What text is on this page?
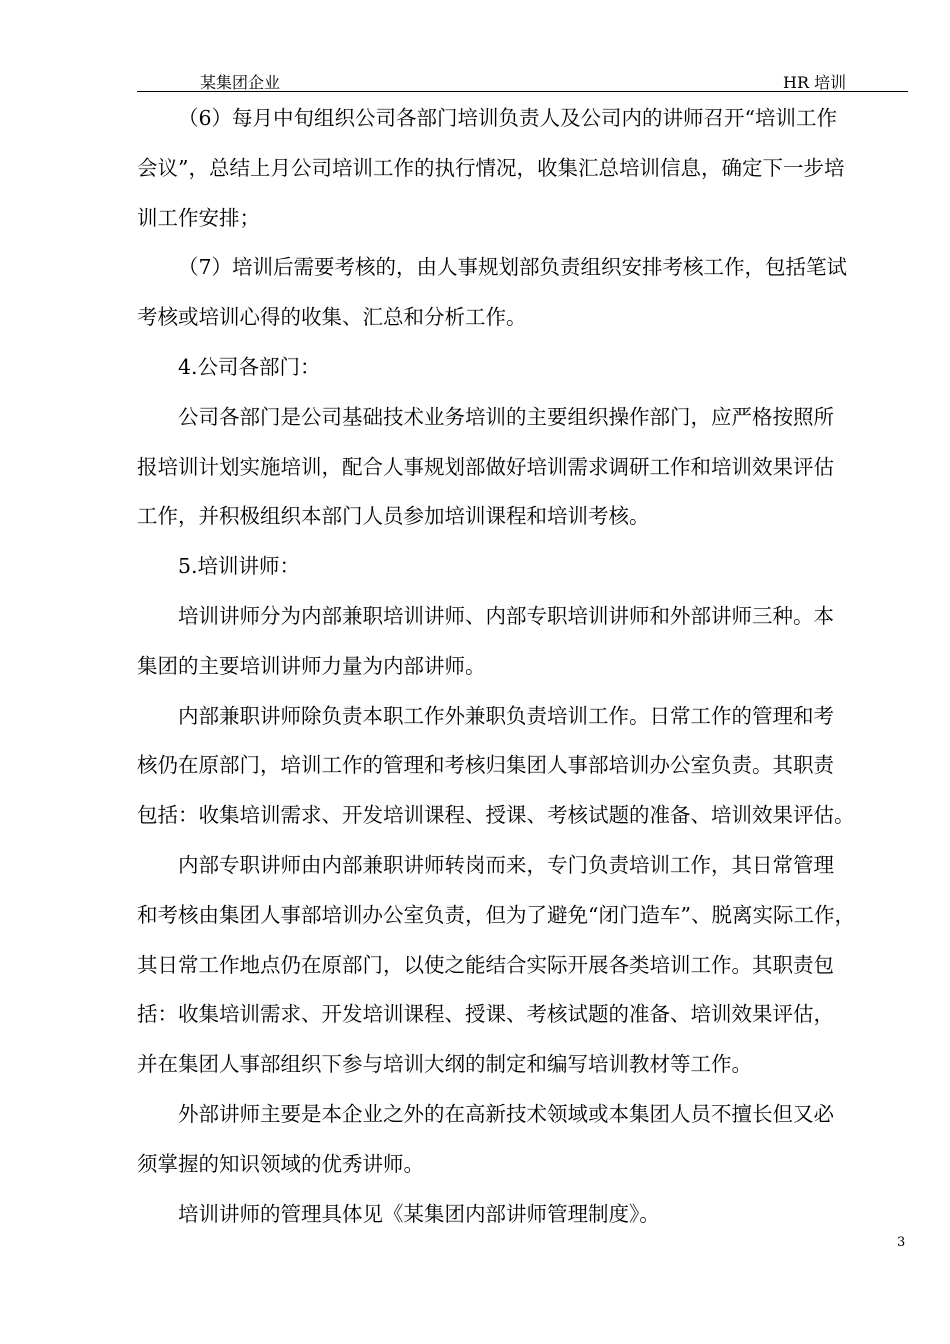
某集团企业	HR 培训
（6）每月中旬组织公司各部门培训负责人及公司内的讲师召开“培训工作
会议”，总结上月公司培训工作的执行情况，收集汇总培训信息，确定下一步培
训工作安排；
（7）培训后需要考核的，由人事规划部负责组织安排考核工作，包括笔试
考核或培训心得的收集、汇总和分析工作。
4.公司各部门：
公司各部门是公司基础技术业务培训的主要组织操作部门，应严格按照所
报培训计划实施培训，配合人事规划部做好培训需求调研工作和培训效果评估
工作，并积极组织本部门人员参加培训课程和培训考核。
5.培训讲师：
培训讲师分为内部兼职培训讲师、内部专职培训讲师和外部讲师三种。本
集团的主要培训讲师力量为内部讲师。
内部兼职讲师除负责本职工作外兼职负责培训工作。日常工作的管理和考
核仍在原部门，培训工作的管理和考核归集团人事部培训办公室负责。其职责
包括：收集培训需求、开发培训课程、授课、考核试题的准备、培训效果评估。
内部专职讲师由内部兼职讲师转岗而来，专门负责培训工作，其日常管理
和考核由集团人事部培训办公室负责，但为了避免“闭门造车”、脱离实际工作，
其日常工作地点仍在原部门，以使之能结合实际开展各类培训工作。其职责包
括：收集培训需求、开发培训课程、授课、考核试题的准备、培训效果评估，
并在集团人事部组织下参与培训大纲的制定和编写培训教材等工作。
外部讲师主要是本企业之外的在高新技术领域或本集团人员不擅长但又必
须掌握的知识领域的优秀讲师。
培训讲师的管理具体见《某集团内部讲师管理制度》。
3
